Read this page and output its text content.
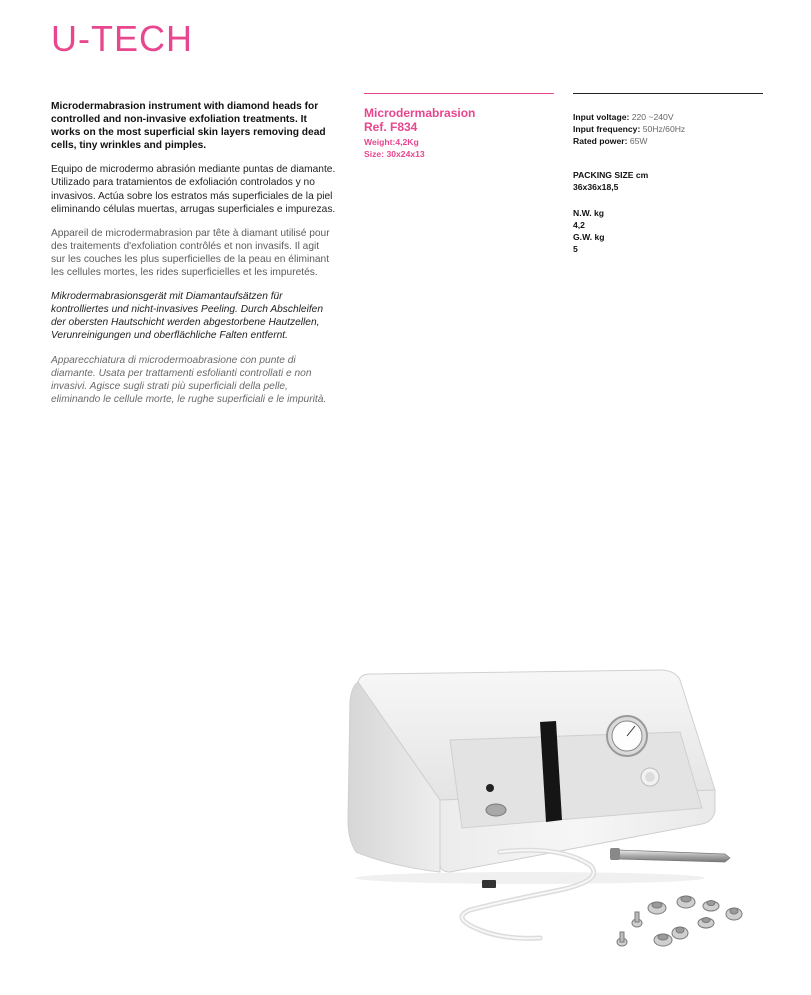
U-TECH

Microdermabrasion instrument with diamond heads for controlled and non-invasive exfoliation treatments. It works on the most superficial skin layers removing dead cells, tiny wrinkles and pimples.

Equipo de microdermo abrasión mediante puntas de diamante. Utilizado para tratamientos de exfoliación controlados y no invasivos. Actúa sobre los estratos más superficiales de la piel eliminando células muertas, arrugas superficiales e impurezas.

Appareil de microdermabrasion par tête à diamant utilisé pour des traitements d'exfoliation contrôlés et non invasifs. Il agit sur les couches les plus superficielles de la peau en éliminant les cellules mortes, les rides superficielles et les impuretés.

Mikrodermabrasionsgerät mit Diamantaufsätzen für kontrolliertes und nicht-invasives Peeling. Durch Abschleifen der obersten Hautschicht werden abgestorbene Hautzellen, Verunreinigungen und oberflächliche Falten entfernt.

Apparecchiatura di microdermoabrasione con punte di diamante. Usata per trattamenti esfolianti controllati e non invasivi. Agisce sugli strati più superficiali della pelle, eliminando le cellule morte, le rughe superficiali e le impurità.

Microdermabrasion
Ref. F834
Weight:4,2Kg
Size: 30x24x13
Input voltage: 220 ~240V
Input frequency: 50Hz/60Hz
Rated power: 65W
PACKING SIZE cm
36x36x18,5
N.W. kg
4,2
G.W. kg
5
